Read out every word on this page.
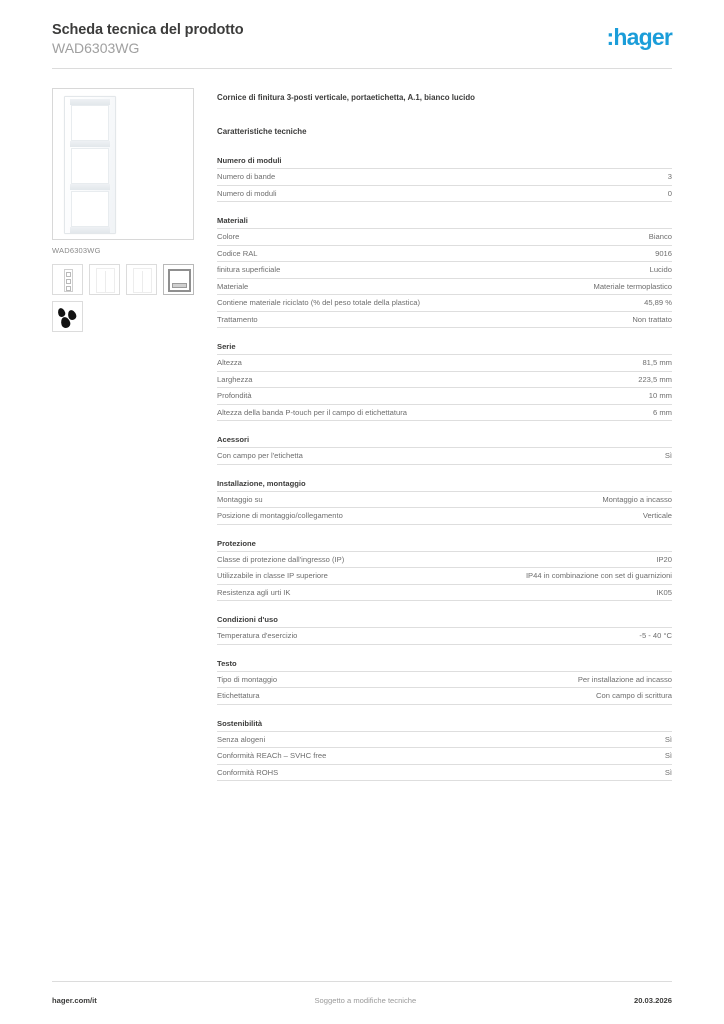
Scheda tecnica del prodotto
WAD6303WG	:hager
WAD6303WG
Cornice di finitura 3-posti verticale, portaetichetta, A.1, bianco lucido
Caratteristiche tecniche
Numero di moduli
Numero di bande	3
Numero di moduli	0
Materiali
Colore	Bianco
Codice RAL	9016
finitura superficiale	Lucido
Materiale	Materiale termoplastico
Contiene materiale riciclato (% del peso totale della plastica)	45,89 %
Trattamento	Non trattato
Serie
Altezza	81,5 mm
Larghezza	223,5 mm
Profondità	10 mm
Altezza della banda P-touch per il campo di etichettatura	6 mm
Acessori
Con campo per l'etichetta	Sì
Installazione, montaggio
Montaggio su	Montaggio a incasso
Posizione di montaggio/collegamento	Verticale
Protezione
Classe di protezione dall'ingresso (IP)	IP20
Utilizzabile in classe IP superiore	IP44 in combinazione con set di guarnizioni
Resistenza agli urti IK	IK05
Condizioni d'uso
Temperatura d'esercizio	-5 - 40 °C
Testo
Tipo di montaggio	Per installazione ad incasso
Etichettatura	Con campo di scrittura
Sostenibilità
Senza alogeni	Sì
Conformità REACh – SVHC free	Sì
Conformità ROHS	Sì
hager.com/it	Soggetto a modifiche tecniche	20.03.2026
